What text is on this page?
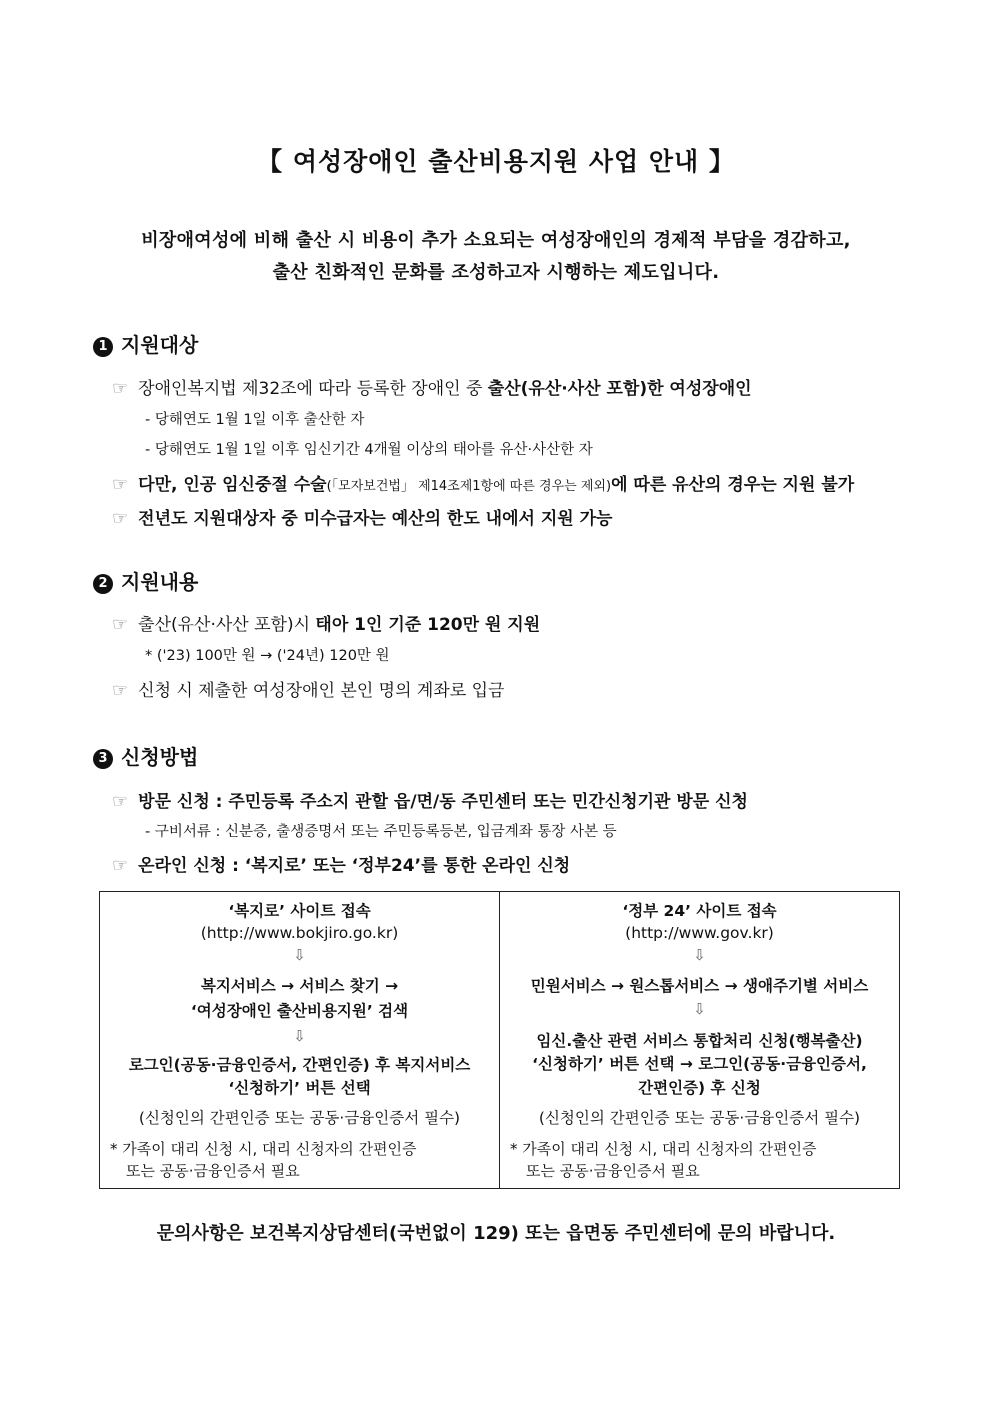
【 여성장애인 출산비용지원 사업 안내 】
비장애여성에 비해 출산 시 비용이 추가 소요되는 여성장애인의 경제적 부담을 경감하고,
출산 친화적인 문화를 조성하고자 시행하는 제도입니다.
1 지원대상
☞ 장애인복지법 제32조에 따라 등록한 장애인 중 출산(유산·사산 포함)한 여성장애인
- 당해연도 1월 1일 이후 출산한 자
- 당해연도 1월 1일 이후 임신기간 4개월 이상의 태아를 유산·사산한 자
☞ 다만, 인공 임신중절 수술(「모자보건법」 제14조제1항에 따른 경우는 제외)에 따른 유산의 경우는 지원 불가
☞ 전년도 지원대상자 중 미수급자는 예산의 한도 내에서 지원 가능
2 지원내용
☞ 출산(유산·사산 포함)시 태아 1인 기준 120만 원 지원
* ('23) 100만 원 → ('24년) 120만 원
☞ 신청 시 제출한 여성장애인 본인 명의 계좌로 입금
3 신청방법
☞ 방문 신청 : 주민등록 주소지 관할 읍/면/동 주민센터 또는 민간신청기관 방문 신청
- 구비서류 : 신분증, 출생증명서 또는 주민등록등본, 입금계좌 통장 사본 등
☞ 온라인 신청 : ‘복지로’ 또는 ‘정부24’를 통한 온라인 신청
‘복지로’ 사이트 접속
(http://www.bokjiro.go.kr)
⇩
복지서비스 → 서비스 찾기 →
‘여성장애인 출산비용지원’ 검색
⇩
로그인(공동·금융인증서, 간편인증) 후 복지서비스
‘신청하기’ 버튼 선택
(신청인의 간편인증 또는 공동·금융인증서 필수)
* 가족이 대리 신청 시, 대리 신청자의 간편인증
또는 공동·금융인증서 필요
‘정부 24’ 사이트 접속
(http://www.gov.kr)
⇩
민원서비스 → 원스톱서비스 → 생애주기별 서비스
⇩
임신.출산 관련 서비스 통합처리 신청(행복출산)
‘신청하기’ 버튼 선택 → 로그인(공동·금융인증서,
간편인증) 후 신청
(신청인의 간편인증 또는 공동·금융인증서 필수)
* 가족이 대리 신청 시, 대리 신청자의 간편인증
또는 공동·금융인증서 필요
문의사항은 보건복지상담센터(국번없이 129) 또는 읍면동 주민센터에 문의 바랍니다.
